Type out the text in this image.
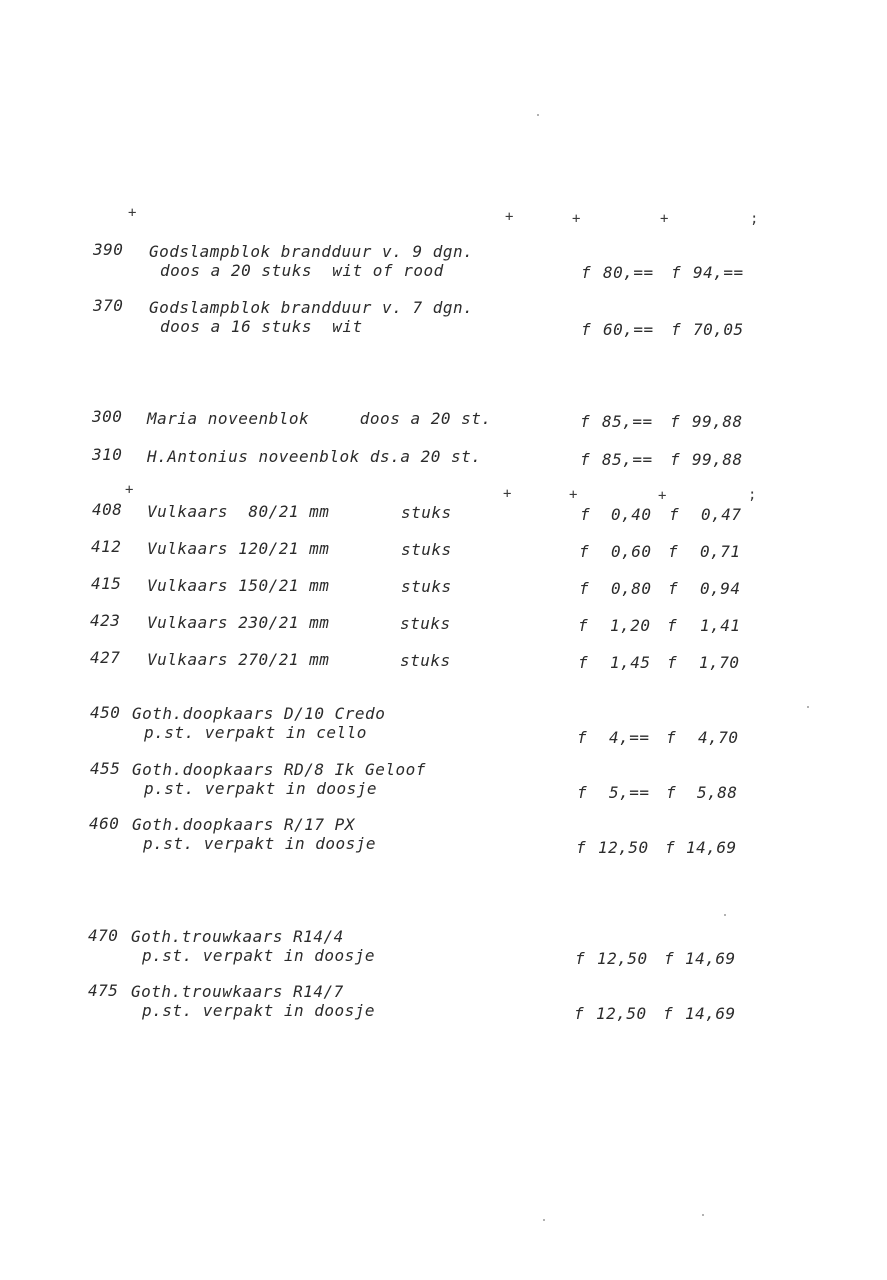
+	+	+	+	;
390 Godslampblok brandduur v. 9 dgn.
doos a 20 stuks  wit of rood	f 80,== f 94,==
370 Godslampblok brandduur v. 7 dgn.
doos a 16 stuks  wit	f 60,== f 70,05
300 Maria noveenblok     doos a 20 st.	f 85,== f 99,88
310 H.Antonius noveenblok ds.a 20 st.	f 85,== f 99,88
+	+	+	+	;
408 Vulkaars  80/21 mm	stuks	f 0,40 f 0,47
412 Vulkaars 120/21 mm	stuks	f 0,60 f 0,71
415 Vulkaars 150/21 mm	stuks	f 0,80 f 0,94
423 Vulkaars 230/21 mm	stuks	f 1,20 f 1,41
427 Vulkaars 270/21 mm	stuks	f 1,45 f 1,70
450 Goth.doopkaars D/10 Credo
p.st. verpakt in cello	f 4,== f 4,70
455 Goth.doopkaars RD/8 Ik Geloof
p.st. verpakt in doosje	f 5,== f 5,88
460 Goth.doopkaars R/17 PX
p.st. verpakt in doosje	f 12,50 f 14,69
470 Goth.trouwkaars R14/4
p.st. verpakt in doosje	f 12,50 f 14,69
475 Goth.trouwkaars R14/7
p.st. verpakt in doosje	f 12,50 f 14,69
